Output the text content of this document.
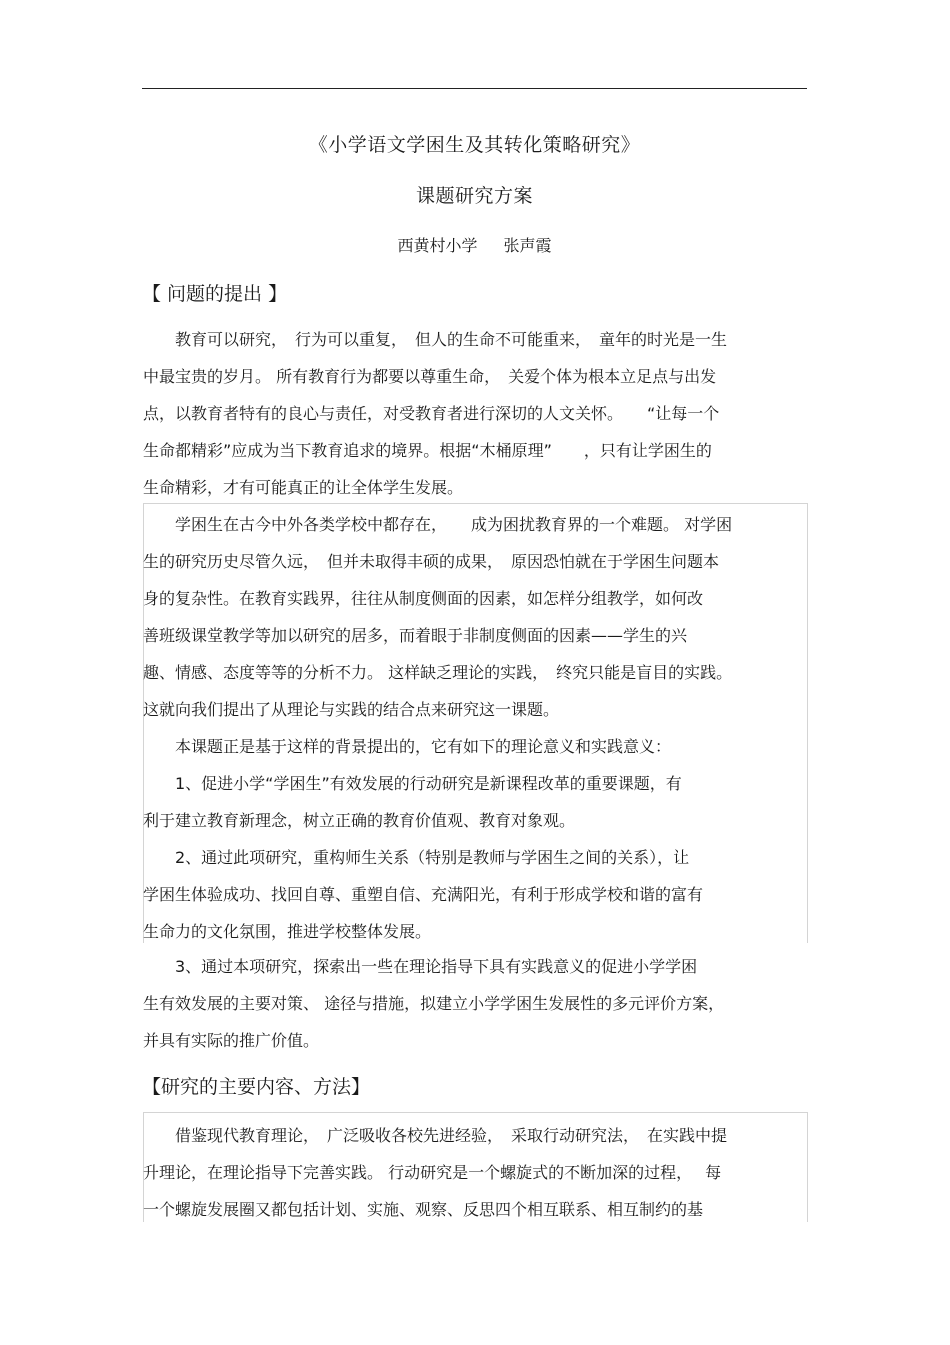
《小学语文学困生及其转化策略研究》
课题研究方案
西黄村小学 张声霞
【 问题的提出 】
　　教育可以研究，　行为可以重复，　但人的生命不可能重来，　童年的时光是一生
中最宝贵的岁月。 所有教育行为都要以尊重生命，　关爱个体为根本立足点与出发
点，以教育者特有的良心与责任，对受教育者进行深切的人文关怀。　　“让每一个
生命都精彩”应成为当下教育追求的境界。根据“木桶原理”　　，只有让学困生的
生命精彩，才有可能真正的让全体学生发展。
　　学困生在古今中外各类学校中都存在，　　成为困扰教育界的一个难题。 对学困
生的研究历史尽管久远，　但并未取得丰硕的成果，　原因恐怕就在于学困生问题本
身的复杂性。在教育实践界，往往从制度侧面的因素，如怎样分组教学，如何改
善班级课堂教学等加以研究的居多，而着眼于非制度侧面的因素——学生的兴
趣、情感、态度等等的分析不力。 这样缺乏理论的实践，　终究只能是盲目的实践。
这就向我们提出了从理论与实践的结合点来研究这一课题。
　　本课题正是基于这样的背景提出的，它有如下的理论意义和实践意义：
　　1、促进小学“学困生”有效发展的行动研究是新课程改革的重要课题，有
利于建立教育新理念，树立正确的教育价值观、教育对象观。
　　2、通过此项研究，重构师生关系（特别是教师与学困生之间的关系），让
学困生体验成功、找回自尊、重塑自信、充满阳光，有利于形成学校和谐的富有
生命力的文化氛围，推进学校整体发展。
　　3、通过本项研究，探索出一些在理论指导下具有实践意义的促进小学学困
生有效发展的主要对策、 途径与措施，拟建立小学学困生发展性的多元评价方案，
并具有实际的推广价值。
【研究的主要内容、方法】
　　借鉴现代教育理论，　广泛吸收各校先进经验，　采取行动研究法，　在实践中提
升理论，在理论指导下完善实践。 行动研究是一个螺旋式的不断加深的过程，　 每
一个螺旋发展圈又都包括计划、实施、观察、反思四个相互联系、相互制约的基
